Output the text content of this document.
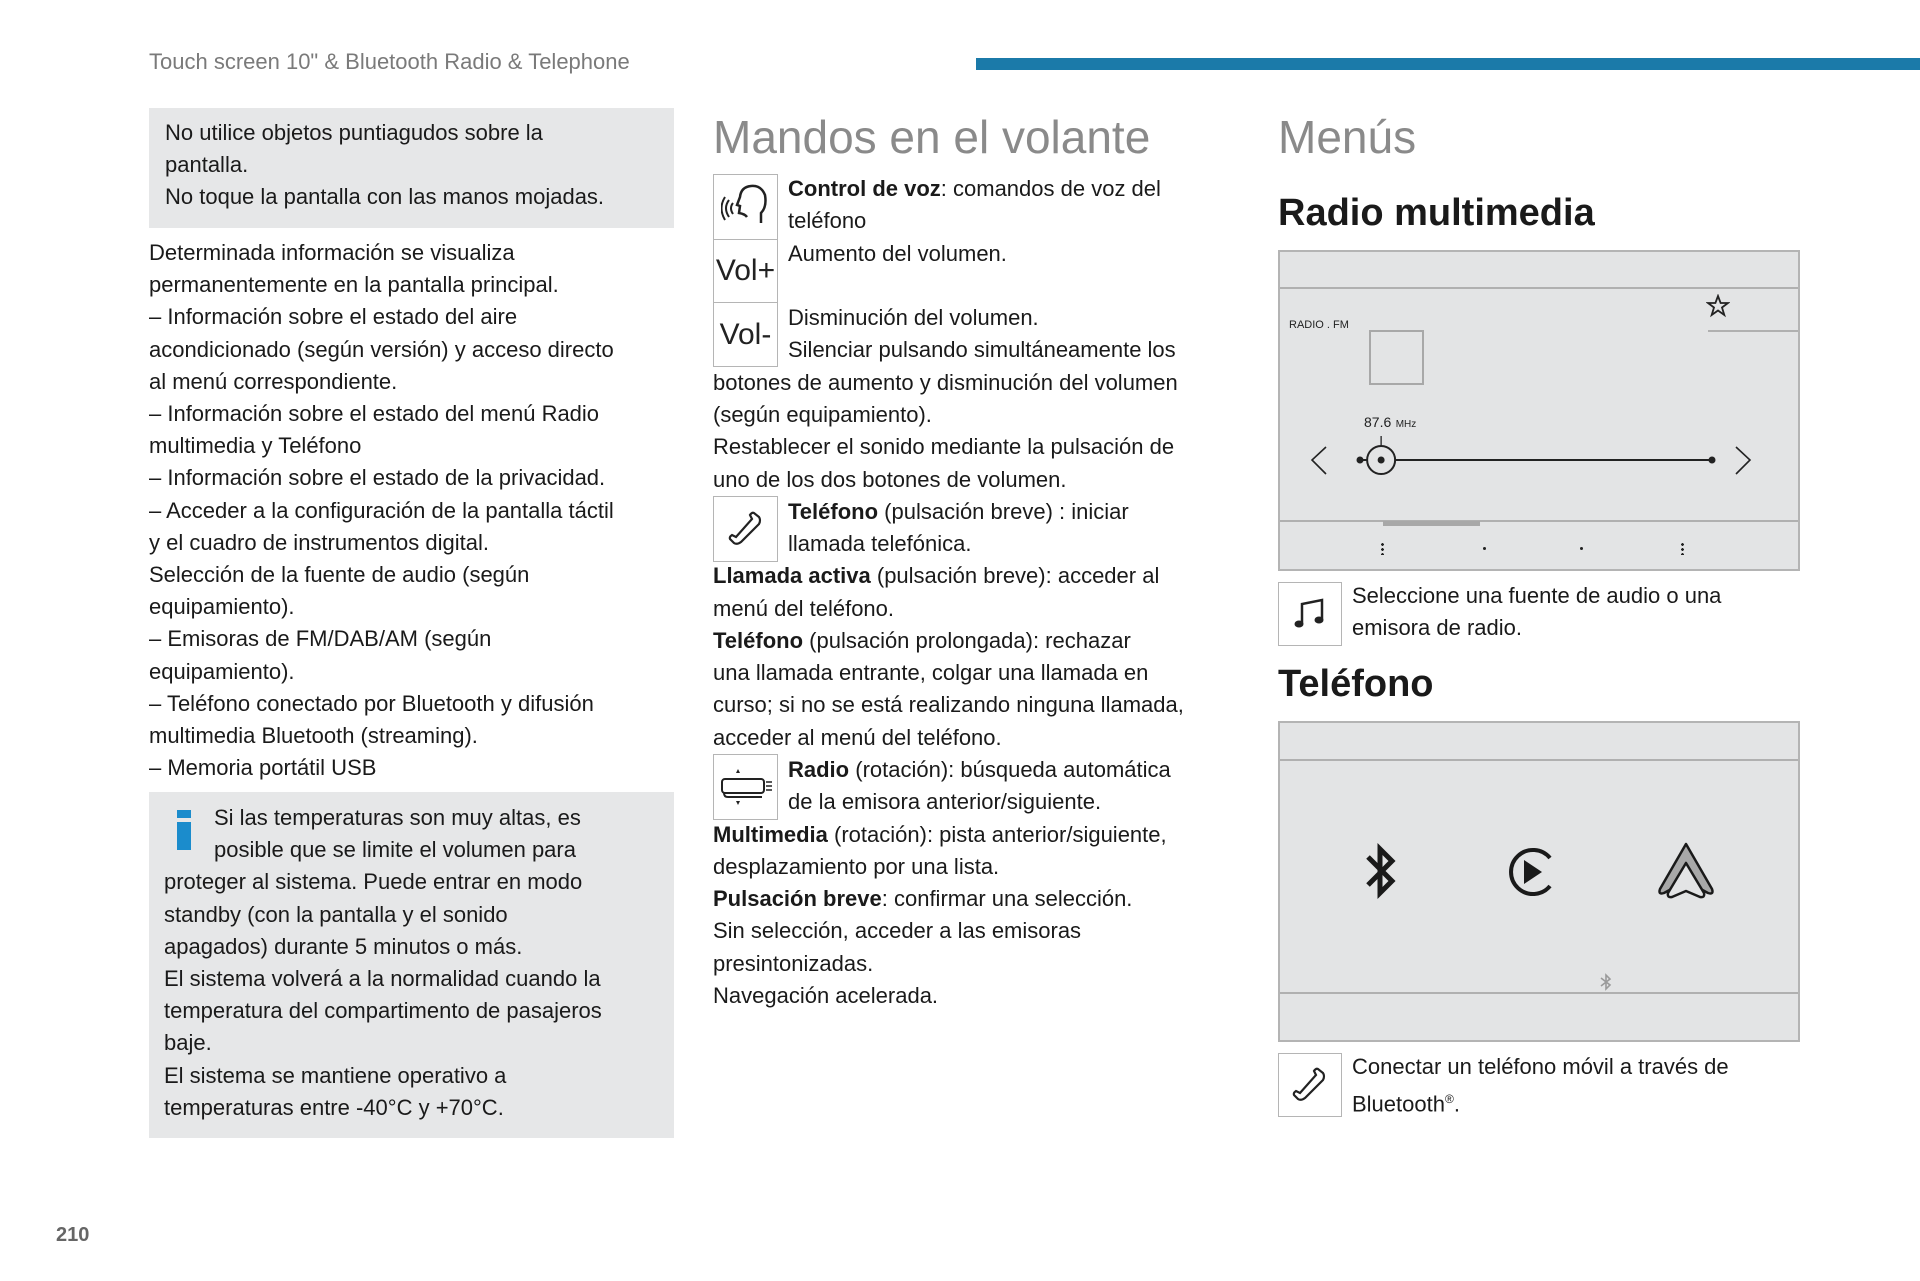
Touch screen 10" & Bluetooth Radio & Telephone
210
Mandos en el volante
Vol+
Vol-
Menús
Radio multimedia
RADIO . FM
87.6 MHz
Teléfono
No utilice objetos puntiagudos sobre la
pantalla.
No toque la pantalla con las manos mojadas.
Determinada información se visualiza
permanentemente en la pantalla principal.
– Información sobre el estado del aire
acondicionado (según versión) y acceso directo
al menú correspondiente.
– Información sobre el estado del menú Radio
multimedia y Teléfono
– Información sobre el estado de la privacidad.
– Acceder a la configuración de la pantalla táctil
y el cuadro de instrumentos digital.
Selección de la fuente de audio (según
equipamiento).
– Emisoras de FM/DAB/AM (según
equipamiento).
– Teléfono conectado por Bluetooth y difusión
multimedia Bluetooth (streaming).
– Memoria portátil USB
Si las temperaturas son muy altas, es
posible que se limite el volumen para
proteger al sistema. Puede entrar en modo
standby (con la pantalla y el sonido
apagados) durante 5 minutos o más.
El sistema volverá a la normalidad cuando la
temperatura del compartimento de pasajeros
baje.
El sistema se mantiene operativo a
temperaturas entre -40°C y +70°C.
Control de voz: comandos de voz del
teléfono
Aumento del volumen.
Disminución del volumen.
Silenciar pulsando simultáneamente los
botones de aumento y disminución del volumen
(según equipamiento).
Restablecer el sonido mediante la pulsación de
uno de los dos botones de volumen.
Teléfono (pulsación breve) : iniciar
llamada telefónica.
Llamada activa (pulsación breve): acceder al
menú del teléfono.
Teléfono (pulsación prolongada): rechazar
una llamada entrante, colgar una llamada en
curso; si no se está realizando ninguna llamada,
acceder al menú del teléfono.
Radio (rotación): búsqueda automática
de la emisora anterior/siguiente.
Multimedia (rotación): pista anterior/siguiente,
desplazamiento por una lista.
Pulsación breve: confirmar una selección.
Sin selección, acceder a las emisoras
presintonizadas.
Navegación acelerada.
Seleccione una fuente de audio o una
emisora de radio.
Conectar un teléfono móvil a través de
Bluetooth®.
